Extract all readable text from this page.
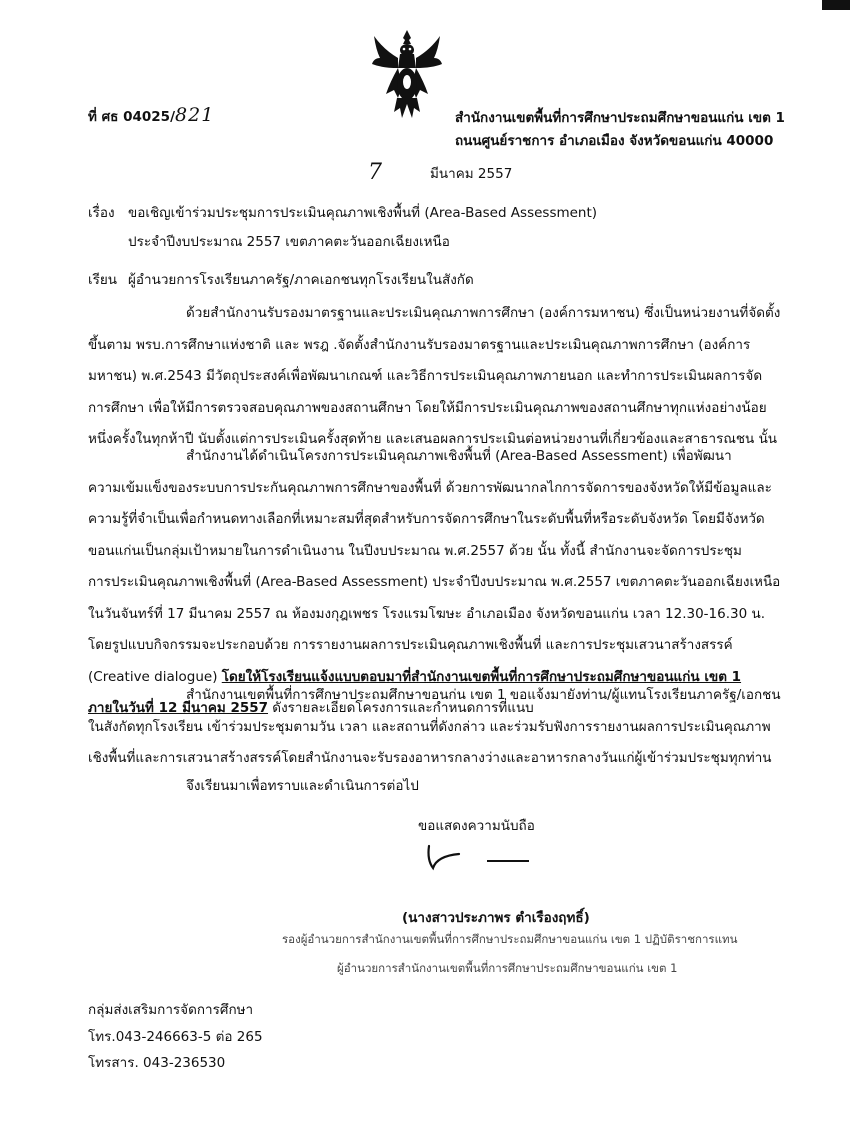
ที่ ศธ 04025/821	สำนักงานเขตพื้นที่การศึกษาประถมศึกษาขอนแก่น เขต 1
ถนนศูนย์ราชการ อำเภอเมือง จังหวัดขอนแก่น 40000
7	มีนาคม 2557
เรื่อง ขอเชิญเข้าร่วมประชุมการประเมินคุณภาพเชิงพื้นที่ (Area-Based Assessment)
ประจำปีงบประมาณ 2557 เขตภาคตะวันออกเฉียงเหนือ
เรียน ผู้อำนวยการโรงเรียนภาครัฐ/ภาคเอกชนทุกโรงเรียนในสังกัด
ด้วยสำนักงานรับรองมาตรฐานและประเมินคุณภาพการศึกษา (องค์การมหาชน) ซึ่งเป็นหน่วยงานที่จัดตั้ง
ขึ้นตาม พรบ.การศึกษาแห่งชาติ และ พรฎ .จัดตั้งสำนักงานรับรองมาตรฐานและประเมินคุณภาพการศึกษา (องค์การ
มหาชน) พ.ศ.2543 มีวัตถุประสงค์เพื่อพัฒนาเกณฑ์ และวิธีการประเมินคุณภาพภายนอก และทำการประเมินผลการจัด
การศึกษา เพื่อให้มีการตรวจสอบคุณภาพของสถานศึกษา โดยให้มีการประเมินคุณภาพของสถานศึกษาทุกแห่งอย่างน้อย
หนึ่งครั้งในทุกห้าปี นับตั้งแต่การประเมินครั้งสุดท้าย และเสนอผลการประเมินต่อหน่วยงานที่เกี่ยวข้องและสาธารณชน นั้น
สำนักงานได้ดำเนินโครงการประเมินคุณภาพเชิงพื้นที่ (Area-Based Assessment) เพื่อพัฒนา
ความเข้มแข็งของระบบการประกันคุณภาพการศึกษาของพื้นที่ ด้วยการพัฒนากลไกการจัดการของจังหวัดให้มีข้อมูลและ
ความรู้ที่จำเป็นเพื่อกำหนดทางเลือกที่เหมาะสมที่สุดสำหรับการจัดการศึกษาในระดับพื้นที่หรือระดับจังหวัด โดยมีจังหวัด
ขอนแก่นเป็นกลุ่มเป้าหมายในการดำเนินงาน ในปีงบประมาณ พ.ศ.2557 ด้วย นั้น ทั้งนี้ สำนักงานจะจัดการประชุม
การประเมินคุณภาพเชิงพื้นที่ (Area-Based Assessment) ประจำปีงบประมาณ พ.ศ.2557 เขตภาคตะวันออกเฉียงเหนือ
ในวันจันทร์ที่ 17 มีนาคม 2557 ณ ห้องมงกุฎเพชร โรงแรมโฆษะ อำเภอเมือง จังหวัดขอนแก่น เวลา 12.30-16.30 น.
โดยรูปแบบกิจกรรมจะประกอบด้วย การรายงานผลการประเมินคุณภาพเชิงพื้นที่ และการประชุมเสวนาสร้างสรรค์
(Creative dialogue) โดยให้โรงเรียนแจ้งแบบตอบมาที่สำนักงานเขตพื้นที่การศึกษาประถมศึกษาขอนแก่น เขต 1
ภายในวันที่ 12 มีนาคม 2557 ดังรายละเอียดโครงการและกำหนดการที่แนบ
สำนักงานเขตพื้นที่การศึกษาประถมศึกษาขอนก่น เขต 1 ขอแจ้งมายังท่าน/ผู้แทนโรงเรียนภาครัฐ/เอกชน
ในสังกัดทุกโรงเรียน เข้าร่วมประชุมตามวัน เวลา และสถานที่ดังกล่าว และร่วมรับฟังการรายงานผลการประเมินคุณภาพ
เชิงพื้นที่และการเสวนาสร้างสรรค์โดยสำนักงานจะรับรองอาหารกลางว่างและอาหารกลางวันแก่ผู้เข้าร่วมประชุมทุกท่าน
จึงเรียนมาเพื่อทราบและดำเนินการต่อไป
ขอแสดงความนับถือ
(นางสาวประภาพร ตำเรืองฤทธิ์)
รองผู้อำนวยการสำนักงานเขตพื้นที่การศึกษาประถมศึกษาขอนแก่น เขต 1 ปฏิบัติราชการแทน
ผู้อำนวยการสำนักงานเขตพื้นที่การศึกษาประถมศึกษาขอนแก่น เขต 1
กลุ่มส่งเสริมการจัดการศึกษา
โทร.043-246663-5 ต่อ 265
โทรสาร. 043-236530
